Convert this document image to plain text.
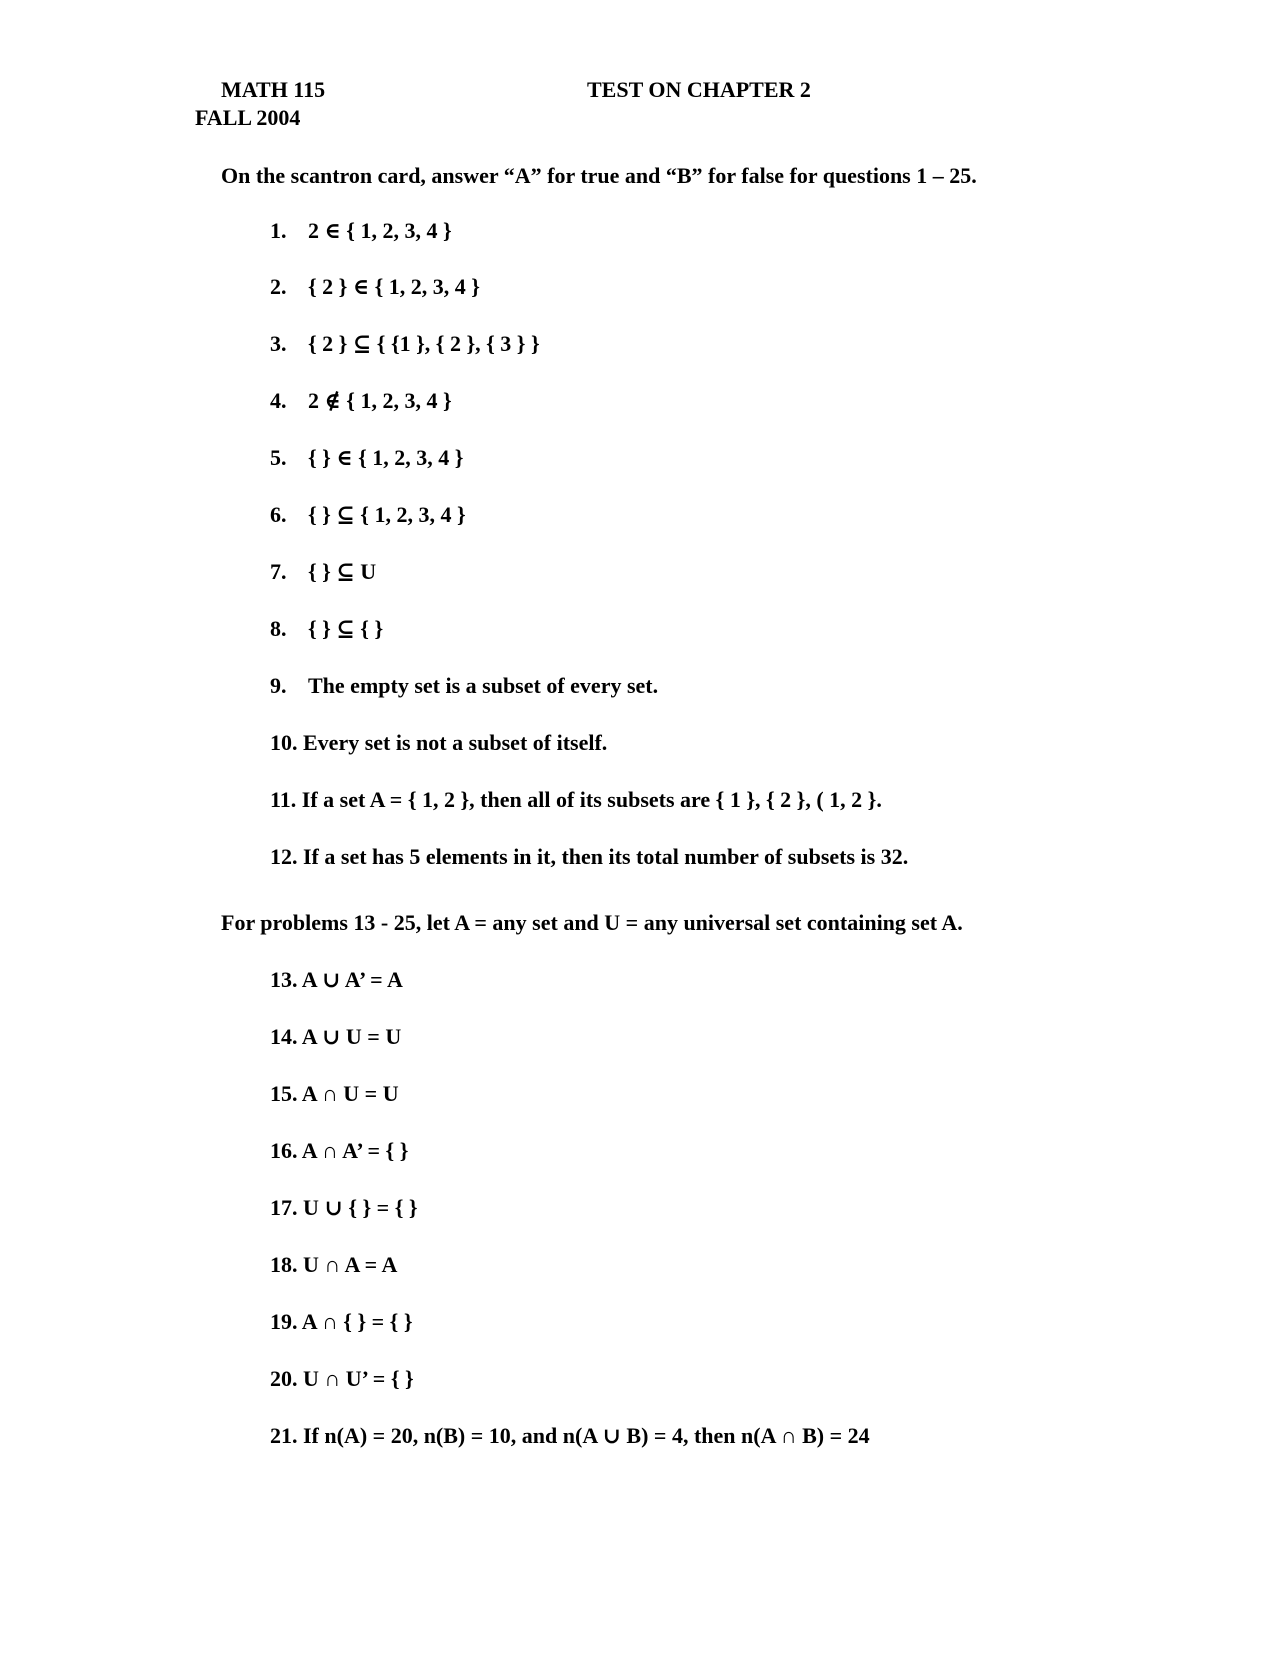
MATH 115
FALL 2004
TEST ON CHAPTER 2
On the scantron card, answer “A” for true and “B” for false for questions 1 – 25.
1. 2 ∈ { 1, 2, 3, 4 }
2. { 2 } ∈ { 1, 2, 3, 4 }
3. { 2 } ⊆ { {1 }, { 2 }, { 3 } }
4. 2 ∉ { 1, 2, 3, 4 }
5. { } ∈ { 1, 2, 3, 4 }
6. { } ⊆ { 1, 2, 3, 4 }
7. { } ⊆ U
8. { } ⊆ { }
9. The empty set is a subset of every set.
10. Every set is not a subset of itself.
11. If a set A = { 1, 2 }, then all of its subsets are { 1 }, { 2 }, ( 1, 2 }.
12. If a set has 5 elements in it, then its total number of subsets is 32.
For problems 13 - 25, let A = any set and U = any universal set containing set A.
13. A ∪ A’ = A
14. A ∪ U = U
15. A ∩ U = U
16. A ∩ A’ = { }
17. U ∪ { } = { }
18. U ∩ A = A
19. A ∩ { } = { }
20. U ∩ U’ = { }
21. If n(A) = 20, n(B) = 10, and n(A ∪ B) = 4, then n(A ∩ B) = 24
